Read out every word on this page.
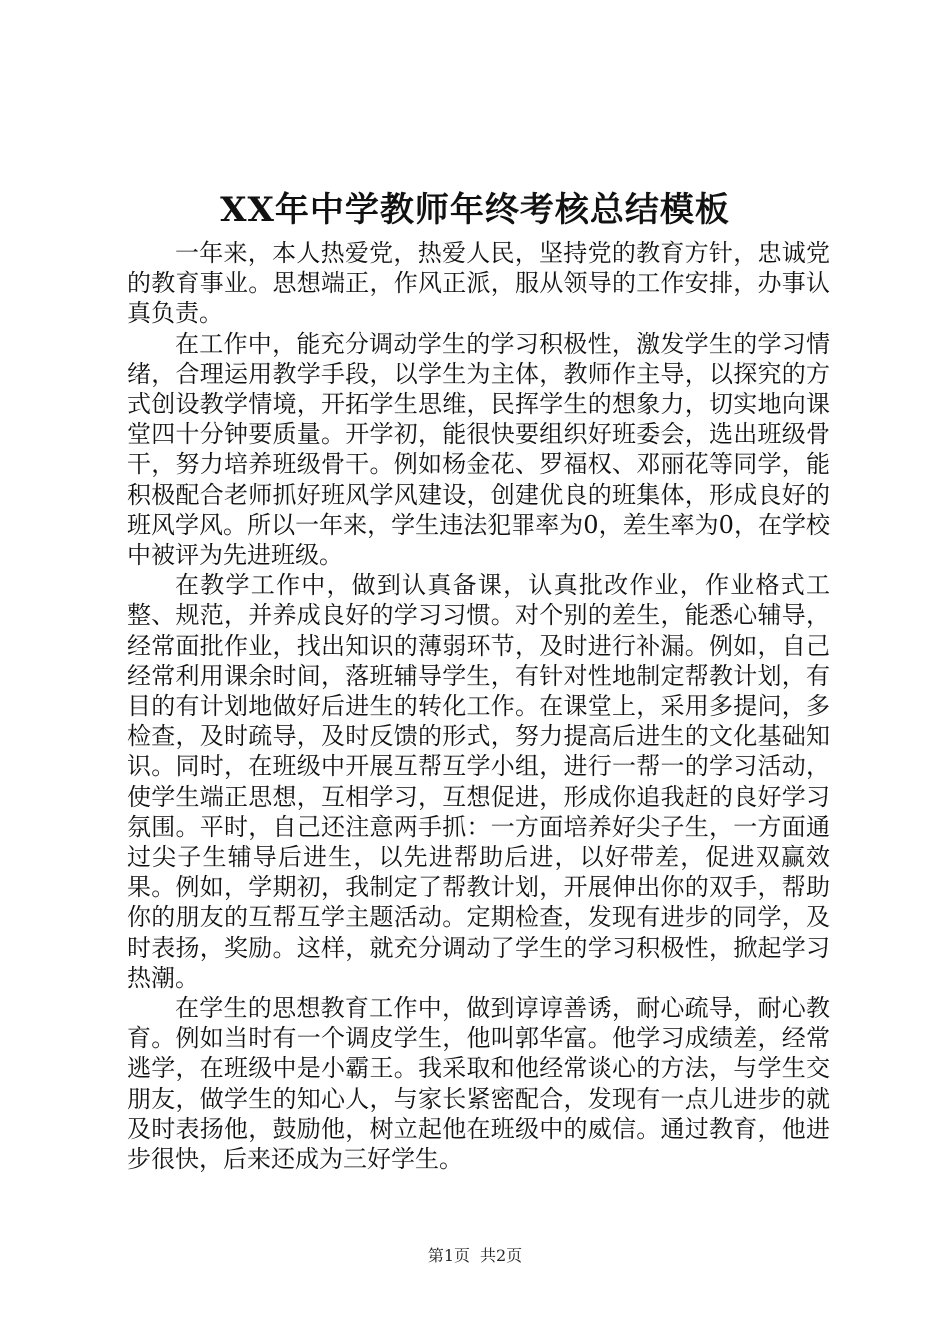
XX年中学教师年终考核总结模板

一年来，本人热爱党，热爱人民，坚持党的教育方针，忠诚党的教育事业。思想端正，作风正派，服从领导的工作安排，办事认真负责。

在工作中，能充分调动学生的学习积极性，激发学生的学习情绪，合理运用教学手段，以学生为主体，教师作主导，以探究的方式创设教学情境，开拓学生思维，民挥学生的想象力，切实地向课堂四十分钟要质量。开学初，能很快要组织好班委会，选出班级骨干，努力培养班级骨干。例如杨金花、罗福权、邓丽花等同学，能积极配合老师抓好班风学风建设，创建优良的班集体，形成良好的班风学风。所以一年来，学生违法犯罪率为0，差生率为0，在学校中被评为先进班级。

在教学工作中，做到认真备课，认真批改作业，作业格式工整、规范，并养成良好的学习习惯。对个别的差生，能悉心辅导，经常面批作业，找出知识的薄弱环节，及时进行补漏。例如，自己经常利用课余时间，落班辅导学生，有针对性地制定帮教计划，有目的有计划地做好后进生的转化工作。在课堂上，采用多提问，多检查，及时疏导，及时反馈的形式，努力提高后进生的文化基础知识。同时，在班级中开展互帮互学小组，进行一帮一的学习活动，使学生端正思想，互相学习，互想促进，形成你追我赶的良好学习氛围。平时，自己还注意两手抓：一方面培养好尖子生，一方面通过尖子生辅导后进生，以先进帮助后进，以好带差，促进双赢效果。例如，学期初，我制定了帮教计划，开展伸出你的双手，帮助你的朋友的互帮互学主题活动。定期检查，发现有进步的同学，及时表扬，奖励。这样，就充分调动了学生的学习积极性，掀起学习热潮。

在学生的思想教育工作中，做到谆谆善诱，耐心疏导，耐心教育。例如当时有一个调皮学生，他叫郭华富。他学习成绩差，经常逃学，在班级中是小霸王。我采取和他经常谈心的方法，与学生交朋友，做学生的知心人，与家长紧密配合，发现有一点儿进步的就及时表扬他，鼓励他，树立起他在班级中的威信。通过教育，他进步很快，后来还成为三好学生。

第1页 共2页
